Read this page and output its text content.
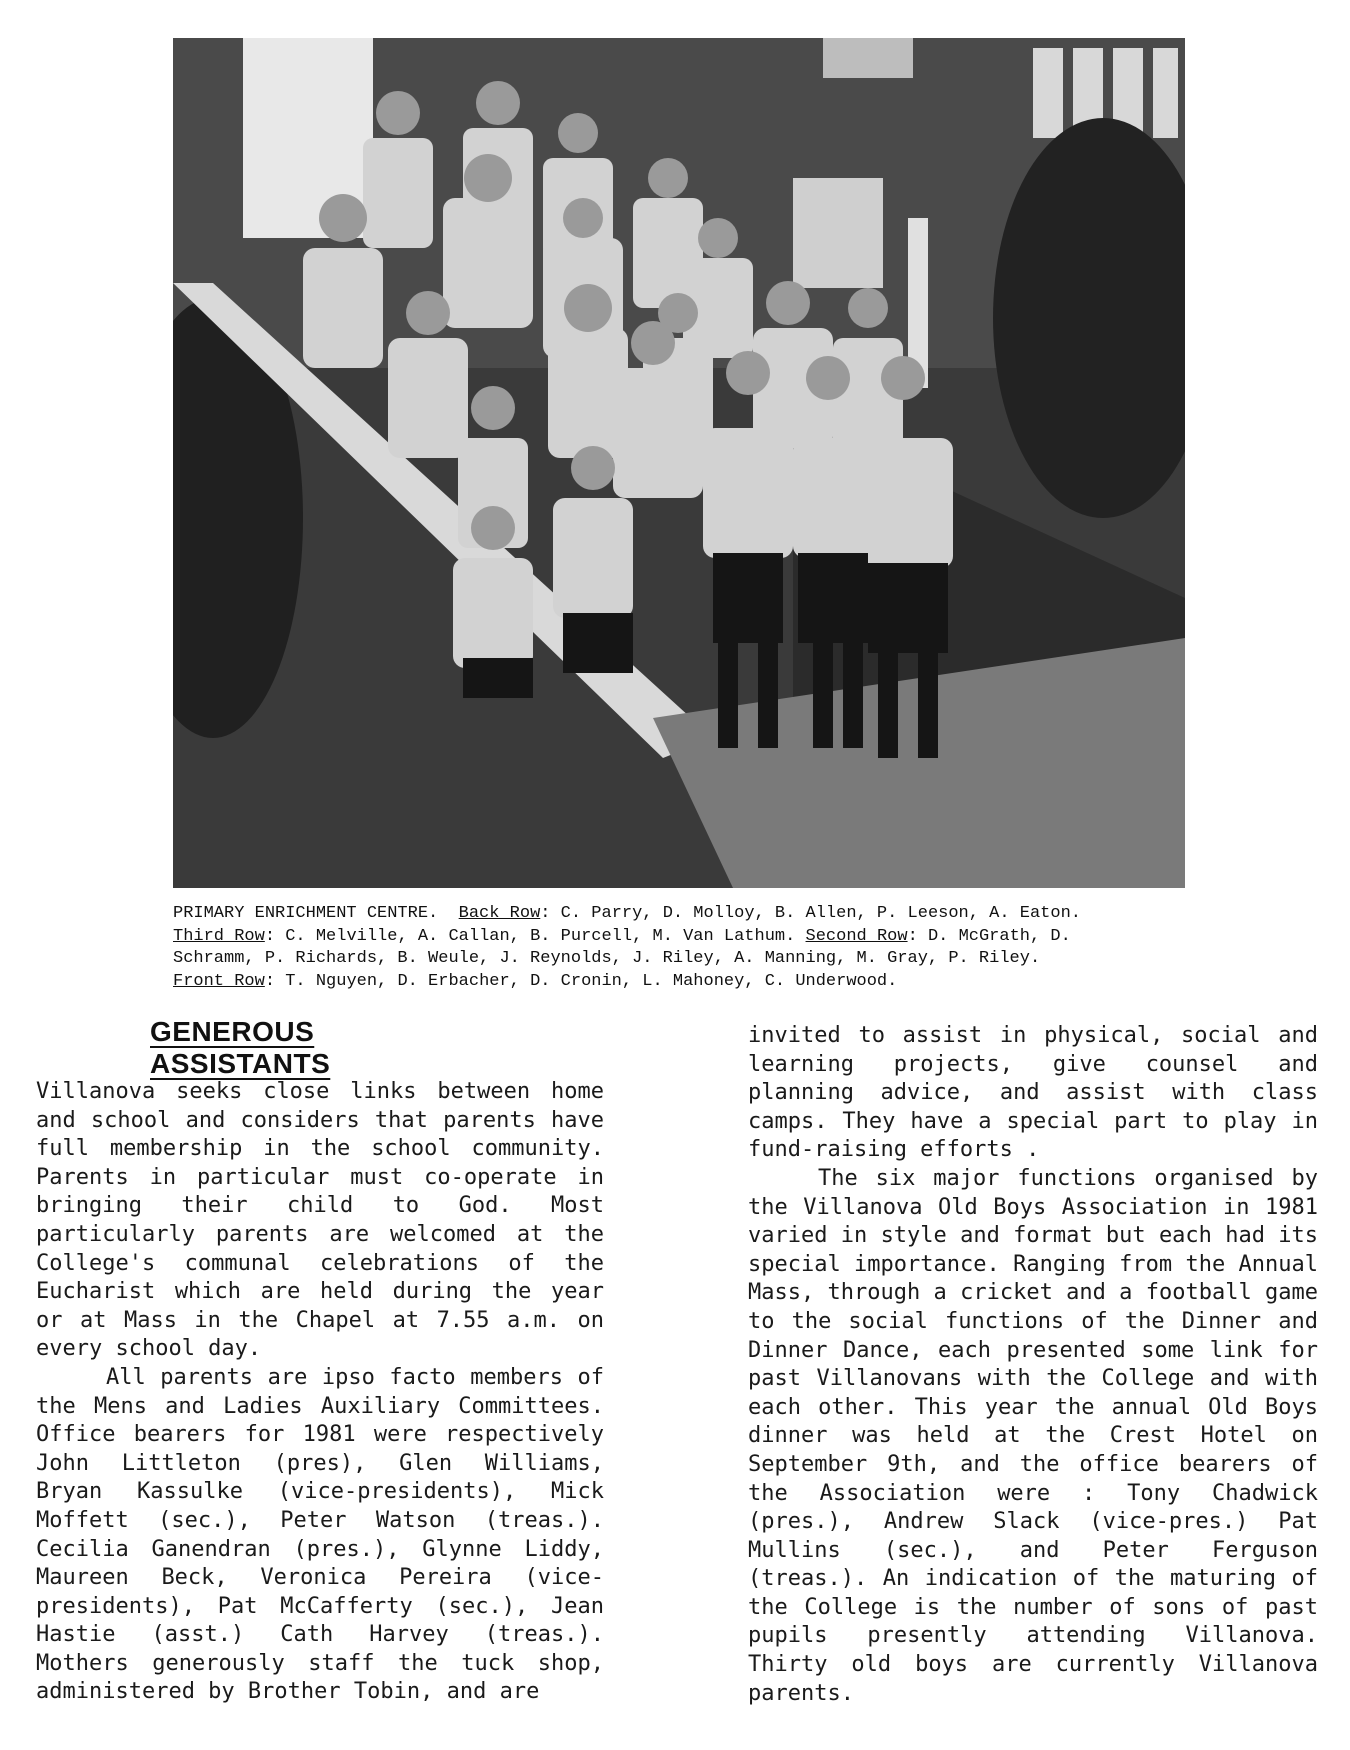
PRIMARY ENRICHMENT CENTRE. Back Row: C. Parry, D. Molloy, B. Allen, P. Leeson, A. Eaton.
Third Row: C. Melville, A. Callan, B. Purcell, M. Van Lathum. Second Row: D. McGrath, D.
Schramm, P. Richards, B. Weule, J. Reynolds, J. Riley, A. Manning, M. Gray, P. Riley.
Front Row: T. Nguyen, D. Erbacher, D. Cronin, L. Mahoney, C. Underwood.
GENEROUS ASSISTANTS

Villanova seeks close links between home and school and considers that parents have full membership in the school community. Parents in particular must co-operate in bringing their child to God. Most particularly parents are welcomed at the College's communal celebrations of the Eucharist which are held during the year or at Mass in the Chapel at 7.55 a.m. on every school day.

All parents are ipso facto members of the Mens and Ladies Auxiliary Committees. Office bearers for 1981 were respectively John Littleton (pres), Glen Williams, Bryan Kassulke (vice-presidents), Mick Moffett (sec.), Peter Watson (treas.). Cecilia Ganendran (pres.), Glynne Liddy, Maureen Beck, Veronica Pereira (vice-presidents), Pat McCafferty (sec.), Jean Hastie (asst.) Cath Harvey (treas.). Mothers generously staff the tuck shop, administered by Brother Tobin, and are

invited to assist in physical, social and learning projects, give counsel and planning advice, and assist with class camps. They have a special part to play in fund-raising efforts .

The six major functions organised by the Villanova Old Boys Association in 1981 varied in style and format but each had its special importance. Ranging from the Annual Mass, through a cricket and a football game to the social functions of the Dinner and Dinner Dance, each presented some link for past Villanovans with the College and with each other. This year the annual Old Boys dinner was held at the Crest Hotel on September 9th, and the office bearers of the Association were : Tony Chadwick (pres.), Andrew Slack (vice-pres.) Pat Mullins (sec.), and Peter Ferguson (treas.). An indication of the maturing of the College is the number of sons of past pupils presently attending Villanova. Thirty old boys are currently Villanova parents.
